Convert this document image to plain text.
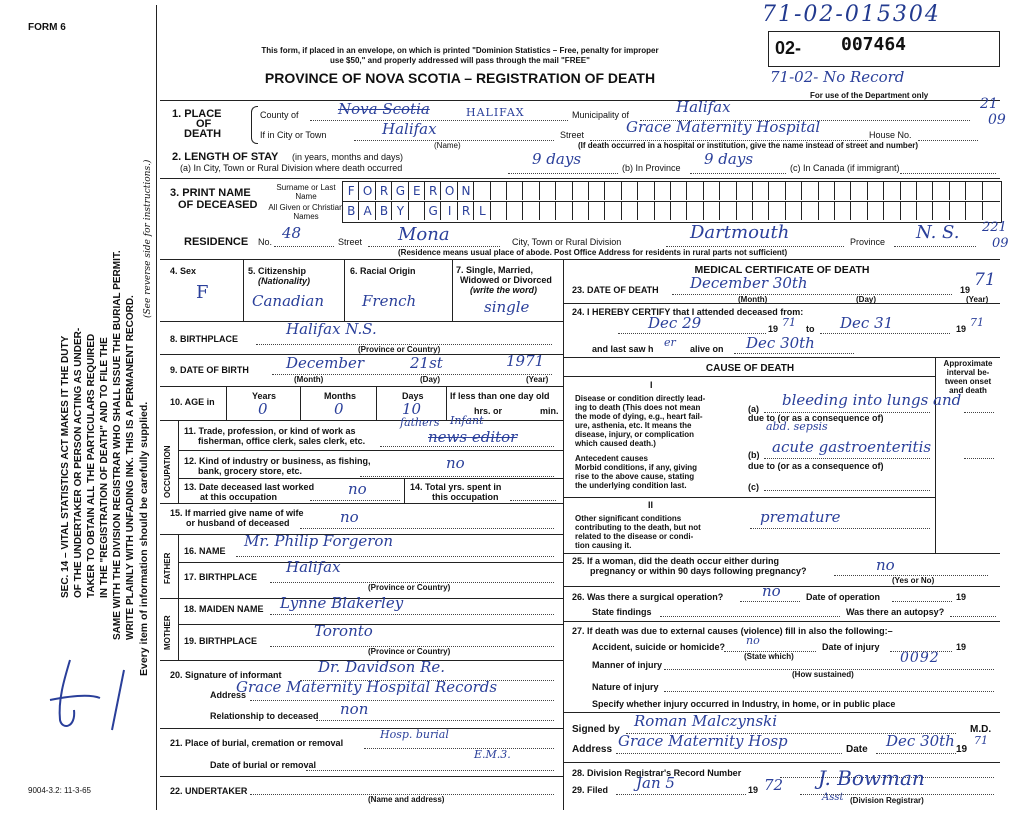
FORM 6
71-02-015304
This form, if placed in an envelope, on which is printed "Dominion Statistics – Free, penalty for improper
use $50," and properly addressed will pass through the mail "FREE"
PROVINCE OF NOVA SCOTIA – REGISTRATION OF DEATH
02- 007464
71-02- No Record
For use of the Department only
SEC. 14 – VITAL STATISTICS ACT MAKES IT THE DUTY OF THE UNDERTAKER OR PERSON ACTING AS UNDER- TAKER TO OBTAIN ALL THE PARTICULARS REQUIRED IN THE "REGISTRATION OF DEATH" AND TO FILE THE SAME WITH THE DIVISION REGISTRAR WHO SHALL ISSUE THE BURIAL PERMIT. WRITE PLAINLY WITH UNFADING INK. THIS IS A PERMANENT RECORD. Every item of information should be carefully supplied.
(See reverse side for instructions.)
1. PLACE
OF
DEATH
County of	Nova Scotia	HALIFAX	Municipality of	Halifax	21
09
If in City or Town	Halifax
(Name)
Street	Grace Maternity Hospital	House No.
(If death occurred in a hospital or institution, give the name instead of street and number)
2. LENGTH OF STAY (in years, months and days)
(a) In City, Town or Rural Division where death occurred	9 days	(b) In Province 9 days	(c) In Canada (if immigrant)
3. PRINT NAME
OF DECEASED
Surname or Last Name
All Given or Christian Names
F O R G E R O N
B A B Y	G I R L
RESIDENCE No. 48	Street Mona	City, Town or Rural Division	Dartmouth	Province N. S. 221
09
(Residence means usual place of abode. Post Office Address for residents in rural parts not sufficient)
4. Sex
F
5. Citizenship
(Nationality)
Canadian
6. Racial Origin
French
7. Single, Married,
Widowed or Divorced
(write the word)
single
8. BIRTHPLACE
Halifax N.S.
(Province or Country)
9. DATE OF BIRTH December	21st	1971
(Month)	(Day)	(Year)
10. AGE in
Years	Months	Days
0	0	10
If less than one day old
hrs. or	min.
OCCUPATION
11. Trade, profession, or kind of work as
fisherman, office clerk, sales clerk, etc.
fathers
news editor
Infant
12. Kind of industry or business, as fishing,
bank, grocery store, etc.	no
13. Date deceased last worked
at this occupation	no	14. Total yrs. spent in
this occupation
15. If married give name of wife
or husband of deceased	no
FATHER
16. NAME
Mr. Philip Forgeron
17. BIRTHPLACE
Halifax
(Province or Country)
MOTHER
18. MAIDEN NAME Lynne Blakerley
19. BIRTHPLACE
Toronto
(Province or Country)
20. Signature of informant Dr. Davidson Re.
Address
Grace Maternity Hospital Records
Relationship to deceased non
21. Place of burial, cremation or removal
Hosp. burial
E.M.3.
Date of burial or removal
22. UNDERTAKER
(Name and address)
9004-3.2: 11-3-65
MEDICAL CERTIFICATE OF DEATH
23. DATE OF DEATH December 30th	19 71
(Month)	(Day)	(Year)
24. I HEREBY CERTIFY that I attended deceased from:
Dec 29	19 71 to Dec 31	19 71
and last saw h er alive on Dec 30th
CAUSE OF DEATH	Approximate
interval be-
tween onset
and death
I
Disease or condition directly lead-
ing to death (This does not mean
the mode of dying, e.g., heart fail-
ure, asthenia, etc. It means the
disease, injury, or complication
which caused death.)
(a) bleeding into lungs and
due to (or as a consequence of)
abd. sepsis
Antecedent causes
Morbid conditions, if any, giving
rise to the above cause, stating
the underlying condition last.
(b) acute gastroenteritis
due to (or as a consequence of)
(c)
II
Other significant conditions
contributing to the death, but not
related to the disease or condi-
tion causing it.
premature
25. If a woman, did the death occur either during
pregnancy or within 90 days following pregnancy?	no
(Yes or No)
26. Was there a surgical operation?	no	Date of operation	19
State findings	Was there an autopsy?
27. If death was due to external causes (violence) fill in also the following:–
Accident, suicide or homicide? no	Date of injury	19
(State which)
Manner of injury	0092
(How sustained)
Nature of injury
Specify whether injury occurred in Industry, in home, or in public place
Signed by Roman Malczynski	M.D.
Address Grace Maternity Hosp	Date Dec 30th 19
71
28. Division Registrar's Record Number
29. Filed Jan 5	19 72 J. Bowman
Asst (Division Registrar)
